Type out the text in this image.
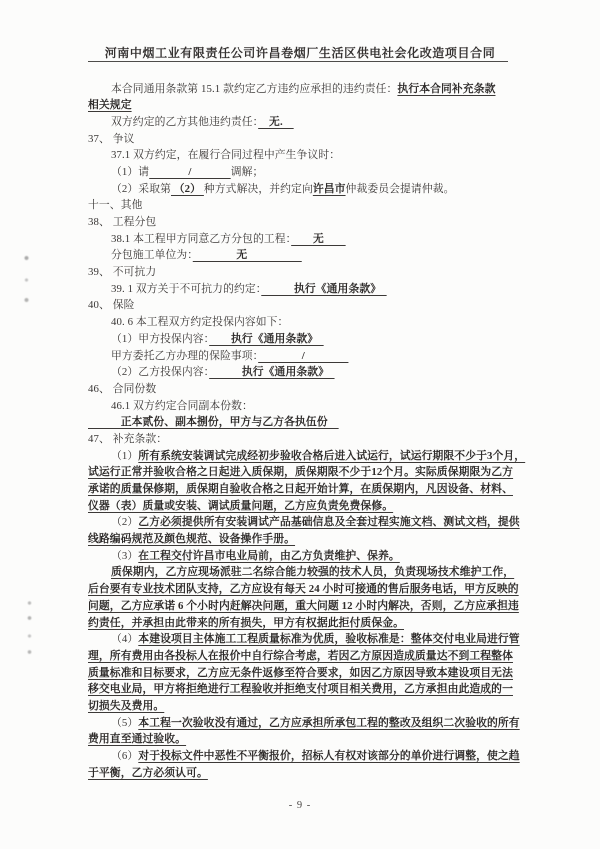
河南中烟工业有限责任公司许昌卷烟厂生活区供电社会化改造项目合同
本合同通用条款第 15.1 款约定乙方违约应承担的违约责任：执行本合同补充条款
相关规定
双方约定的乙方其他违约责任：　无.　
37、 争议
37.1 双方约定，在履行合同过程中产生争议时：
（1）请              /              调解；
（2）采取第 （2） 种方式解决，并约定向许昌市仲裁委员会提请仲裁。
十一、其他
38、 工程分包
38.1 本工程甲方同意乙方分包的工程：　　无　　
分包施工单位为：　　　　无　　　　　
39、 不可抗力
39. 1 双方关于不可抗力的约定：　　　执行《通用条款》　
40、 保险
40. 6 本工程双方约定投保内容如下：
（1）甲方投保内容：　　执行《通用条款》　
甲方委托乙方办理的保险事项：　　　　/　　　　
（2）乙方投保内容：　　　执行《通用条款》　
46、 合同份数
46.1 双方约定合同副本份数：
　　　正本贰份、副本捌份，甲方与乙方各执伍份　
47、 补充条款：
（1）所有系统安装调试完成经初步验收合格后进入试运行，试运行期限不少于3个月，
试运行正常并验收合格之日起进入质保期，质保期限不少于12个月。实际质保期限为乙方
承诺的质量保修期，质保期自验收合格之日起开始计算，在质保期内，凡因设备、材料、
仪器（表）质量或安装、调试质量问题，乙方应负责免费保修。
（2）乙方必须提供所有安装调试产品基础信息及全套过程实施文档、测试文档，提供
线路编码规范及颜色规范、设备操作手册。
（3）在工程交付许昌市电业局前，由乙方负责维护、保养。
质保期内，乙方应现场派驻二名综合能力较强的技术人员，负责现场技术维护工作，
后台要有专业技术团队支持，乙方应设有每天 24 小时可接通的售后服务电话，甲方反映的
问题，乙方应承诺 6 个小时内赶解决问题，重大问题 12 小时内解决，否则，乙方应承担违
约责任，并承担由此带来的所有损失，甲方有权据此拒付质保金。
（4）本建设项目主体施工工程质量标准为优质，验收标准是：整体交付电业局进行管
理，所有费用由各投标人在报价中自行综合考虑，若因乙方原因造成质量达不到工程整体
质量标准和目标要求，乙方应无条件返修至符合要求，如因乙方原因导致本建设项目无法
移交电业局，甲方将拒绝进行工程验收并拒绝支付项目相关费用，乙方承担由此造成的一
切损失及费用。
（5）本工程一次验收没有通过，乙方应承担所承包工程的整改及组织二次验收的所有
费用直至通过验收。
（6）对于投标文件中恶性不平衡报价，招标人有权对该部分的单价进行调整，使之趋
于平衡，乙方必须认可。
- 9 -
